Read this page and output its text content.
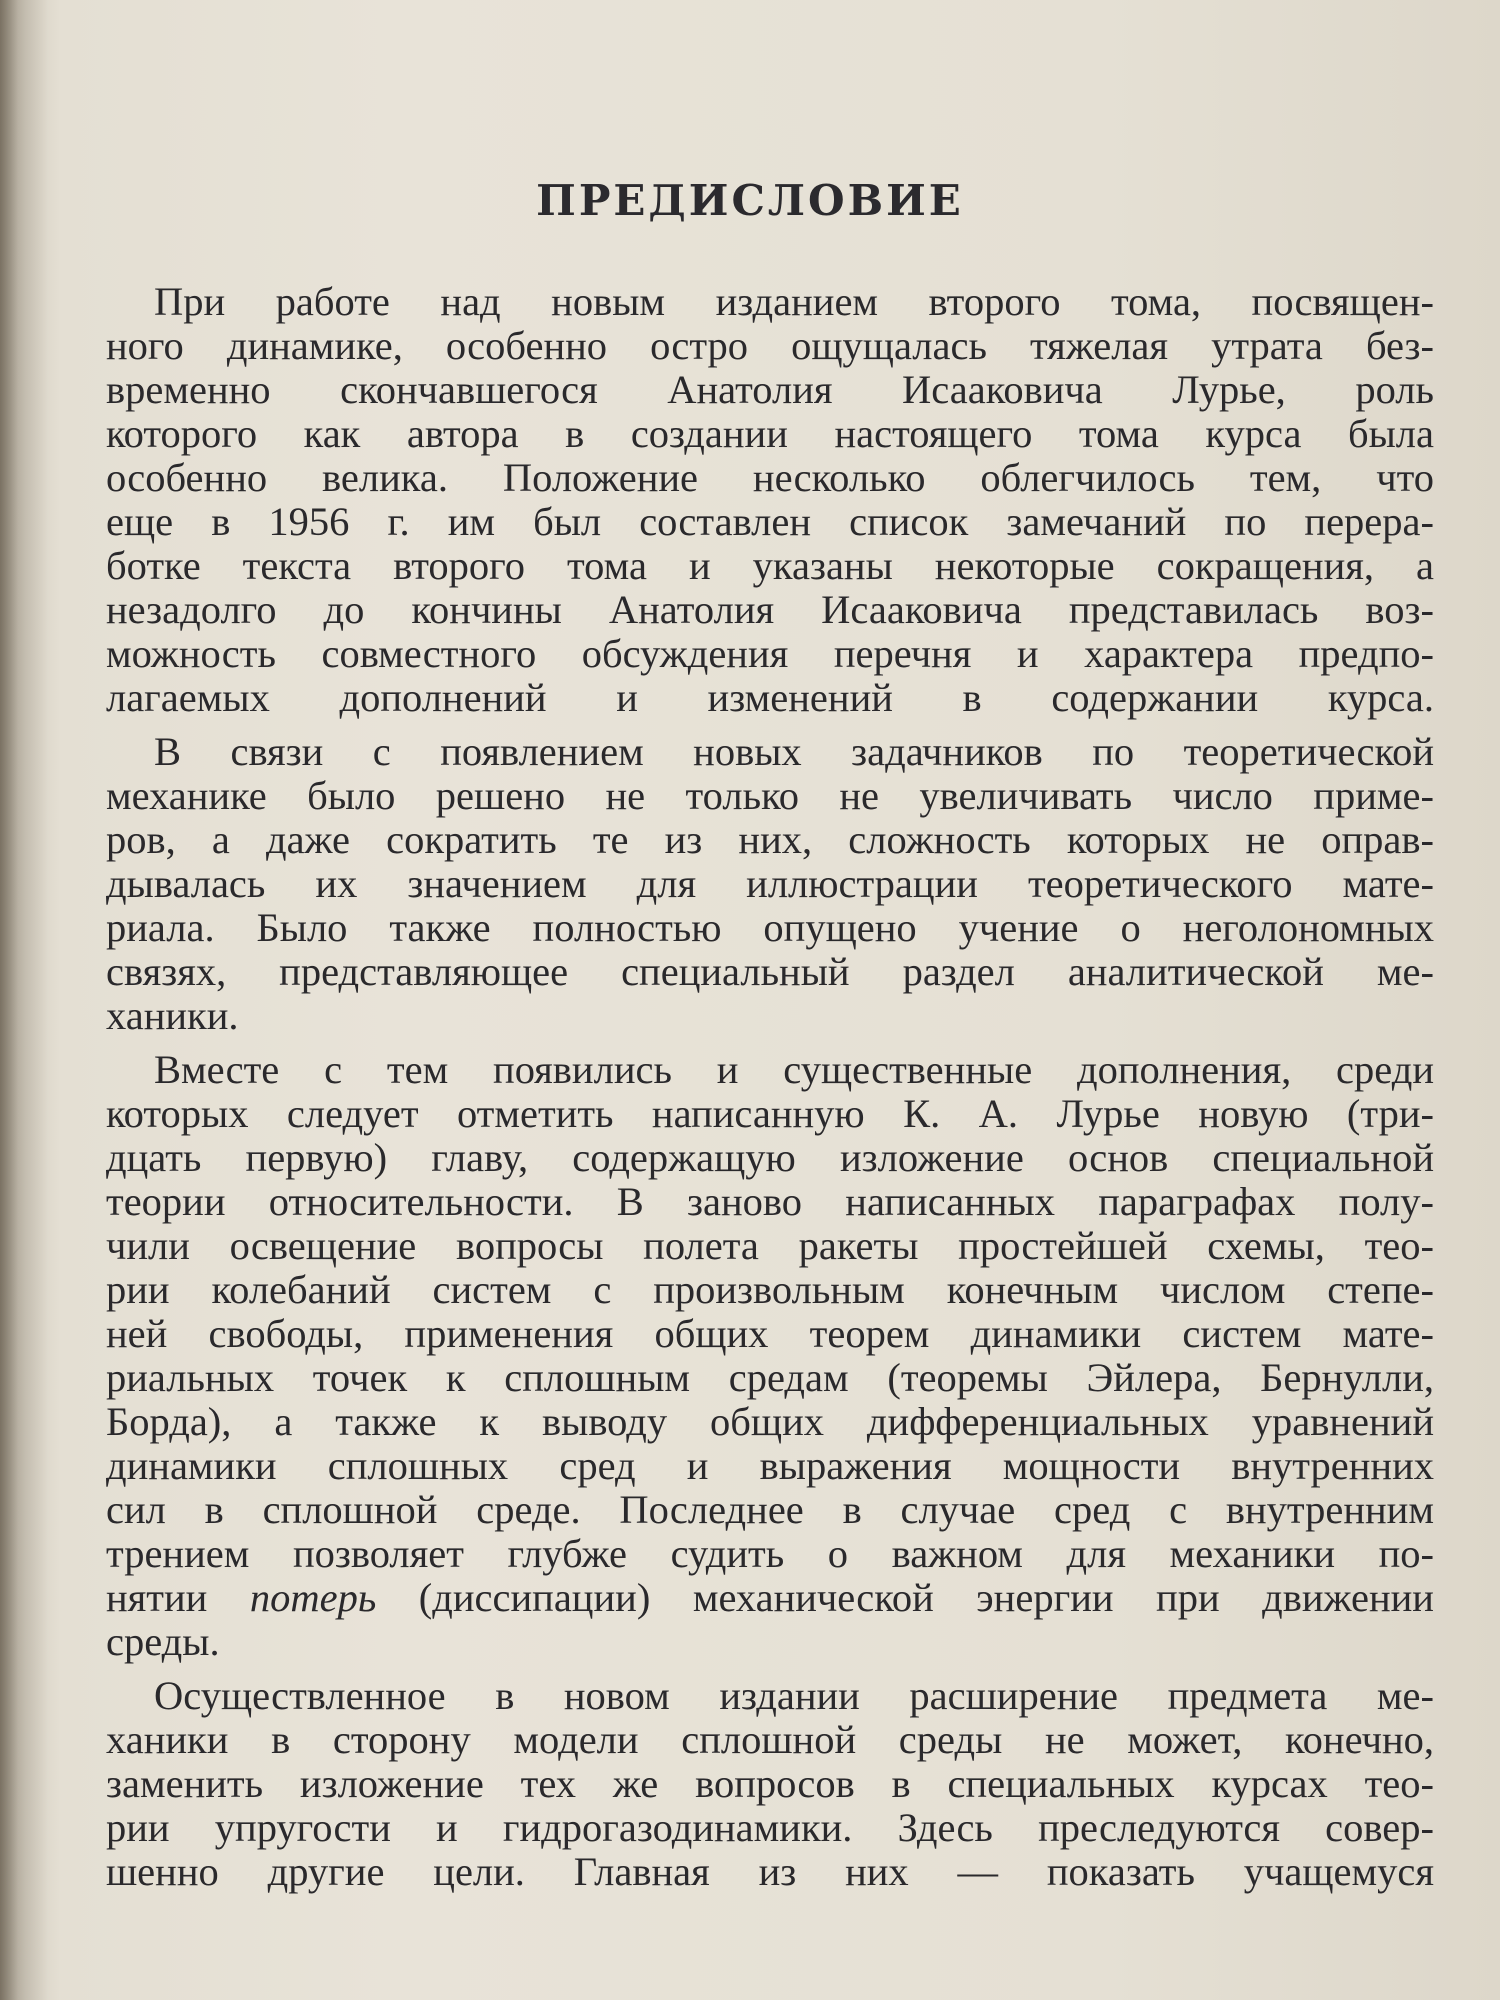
ПРЕДИСЛОВИЕ
При работе над новым изданием второго тома, посвящен-
ного динамике, особенно остро ощущалась тяжелая утрата без-
временно скончавшегося Анатолия Исааковича Лурье, роль
которого как автора в создании настоящего тома курса была
особенно велика. Положение несколько облегчилось тем, что
еще в 1956 г. им был составлен список замечаний по перера-
ботке текста второго тома и указаны некоторые сокращения, а
незадолго до кончины Анатолия Исааковича представилась воз-
можность совместного обсуждения перечня и характера предпо-
лагаемых дополнений и изменений в содержании курса.
В связи с появлением новых задачников по теоретической
механике было решено не только не увеличивать число приме-
ров, а даже сократить те из них, сложность которых не оправ-
дывалась их значением для иллюстрации теоретического мате-
риала. Было также полностью опущено учение о неголономных
связях, представляющее специальный раздел аналитической ме-
ханики.
Вместе с тем появились и существенные дополнения, среди
которых следует отметить написанную К. А. Лурье новую (три-
дцать первую) главу, содержащую изложение основ специальной
теории относительности. В заново написанных параграфах полу-
чили освещение вопросы полета ракеты простейшей схемы, тео-
рии колебаний систем с произвольным конечным числом степе-
ней свободы, применения общих теорем динамики систем мате-
риальных точек к сплошным средам (теоремы Эйлера, Бернулли,
Борда), а также к выводу общих дифференциальных уравнений
динамики сплошных сред и выражения мощности внутренних
сил в сплошной среде. Последнее в случае сред с внутренним
трением позволяет глубже судить о важном для механики по-
нятии потерь (диссипации) механической энергии при движении
среды.
Осуществленное в новом издании расширение предмета ме-
ханики в сторону модели сплошной среды не может, конечно,
заменить изложение тех же вопросов в специальных курсах тео-
рии упругости и гидрогазодинамики. Здесь преследуются совер-
шенно другие цели. Главная из них — показать учащемуся
